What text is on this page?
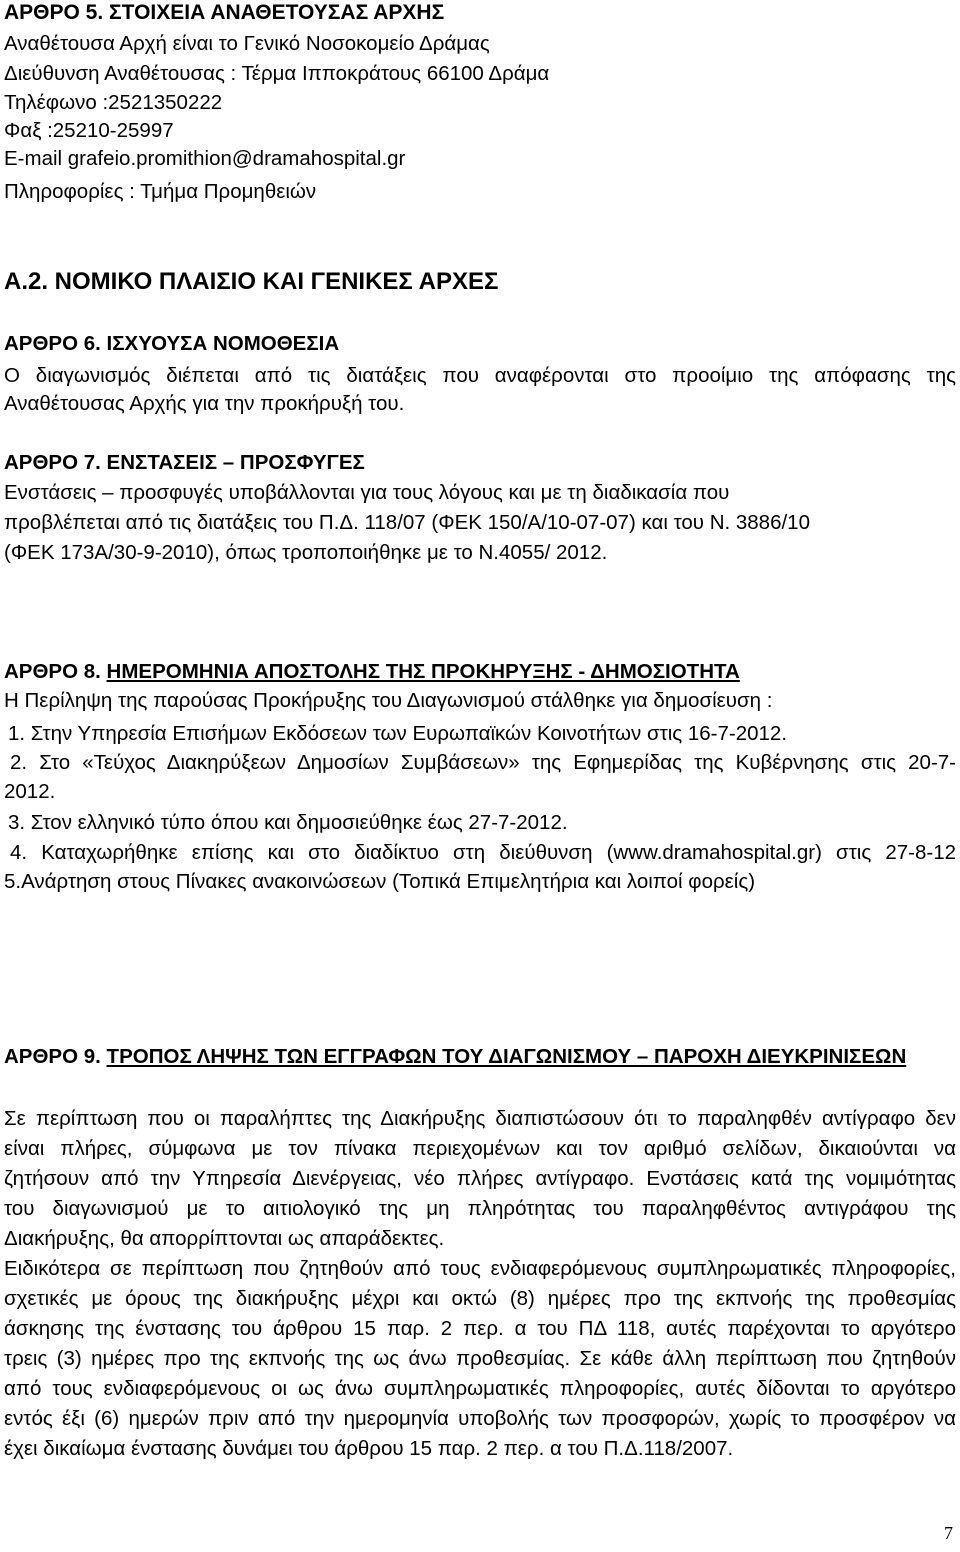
ΑΡΘΡΟ 5. ΣΤΟΙΧΕΙΑ ΑΝΑΘΕΤΟΥΣΑΣ ΑΡΧΗΣ

Αναθέτουσα Αρχή είναι το Γενικό Νοσοκομείο Δράμας

Διεύθυνση Αναθέτουσας : Τέρμα Ιπποκράτους 66100 Δράμα

Τηλέφωνο :2521350222

Φαξ :25210-25997

E-mail grafeio.promithion@dramahospital.gr

Πληροφορίες : Τμήμα Προμηθειών

Α.2. ΝΟΜΙΚΟ ΠΛΑΙΣΙΟ ΚΑΙ ΓΕΝΙΚΕΣ ΑΡΧΕΣ

ΑΡΘΡΟ 6. ΙΣΧΥΟΥΣΑ ΝΟΜΟΘΕΣΙΑ

Ο διαγωνισμός διέπεται από τις διατάξεις που αναφέρονται στο προοίμιο της απόφασης της

Αναθέτουσας Αρχής για την προκήρυξή του.

ΑΡΘΡΟ 7. ΕΝΣΤΑΣΕΙΣ – ΠΡΟΣΦΥΓΕΣ

Ενστάσεις – προσφυγές υποβάλλονται για τους λόγους και με τη διαδικασία που

προβλέπεται από τις διατάξεις του Π.Δ. 118/07 (ΦΕΚ 150/Α/10-07-07) και του Ν. 3886/10

(ΦΕΚ 173Α/30-9-2010), όπως τροποποιήθηκε με το Ν.4055/ 2012.

ΑΡΘΡΟ 8. ΗΜΕΡΟΜΗΝΙΑ ΑΠΟΣΤΟΛΗΣ ΤΗΣ ΠΡΟΚΗΡΥΞΗΣ - ΔΗΜΟΣΙΟΤΗΤΑ

Η Περίληψη της παρούσας Προκήρυξης του Διαγωνισμού στάλθηκε για δημοσίευση :

1. Στην Υπηρεσία Επισήμων Εκδόσεων των Ευρωπαϊκών Κοινοτήτων στις 16-7-2012.

2. Στο «Τεύχος Διακηρύξεων Δημοσίων Συμβάσεων» της Εφημερίδας της Κυβέρνησης στις 20-7-

2012.

3. Στον ελληνικό τύπο όπου και δημοσιεύθηκε έως 27-7-2012.

4. Καταχωρήθηκε επίσης και στο διαδίκτυο στη διεύθυνση (www.dramahospital.gr) στις 27-8-12

5.Ανάρτηση στους Πίνακες ανακοινώσεων (Τοπικά Επιμελητήρια και λοιποί φορείς)

ΑΡΘΡΟ 9. ΤΡΟΠΟΣ ΛΗΨΗΣ ΤΩΝ ΕΓΓΡΑΦΩΝ ΤΟΥ ΔΙΑΓΩΝΙΣΜΟΥ – ΠΑΡΟΧΗ ΔΙΕΥΚΡΙΝΙΣΕΩΝ

Σε περίπτωση που οι παραλήπτες της Διακήρυξης διαπιστώσουν ότι το παραληφθέν αντίγραφο δεν

είναι πλήρες, σύμφωνα με τον πίνακα περιεχομένων και τον αριθμό σελίδων, δικαιούνται να

ζητήσουν από την Υπηρεσία Διενέργειας, νέο πλήρες αντίγραφο. Ενστάσεις κατά της νομιμότητας

του διαγωνισμού με το αιτιολογικό της μη πληρότητας του παραληφθέντος αντιγράφου της

Διακήρυξης, θα απορρίπτονται ως απαράδεκτες.

Ειδικότερα σε περίπτωση που ζητηθούν από τους ενδιαφερόμενους συμπληρωματικές πληροφορίες,

σχετικές με όρους της διακήρυξης μέχρι και οκτώ (8) ημέρες προ της εκπνοής της προθεσμίας

άσκησης της ένστασης του άρθρου 15 παρ. 2 περ. α του ΠΔ 118, αυτές παρέχονται το αργότερο

τρεις (3) ημέρες προ της εκπνοής της ως άνω προθεσμίας. Σε κάθε άλλη περίπτωση που ζητηθούν

από τους ενδιαφερόμενους οι ως άνω συμπληρωματικές πληροφορίες, αυτές δίδονται το αργότερο

εντός έξι (6) ημερών πριν από την ημερομηνία υποβολής των προσφορών, χωρίς το προσφέρον να

έχει δικαίωμα ένστασης δυνάμει του άρθρου 15 παρ. 2 περ. α του Π.Δ.118/2007.

7
